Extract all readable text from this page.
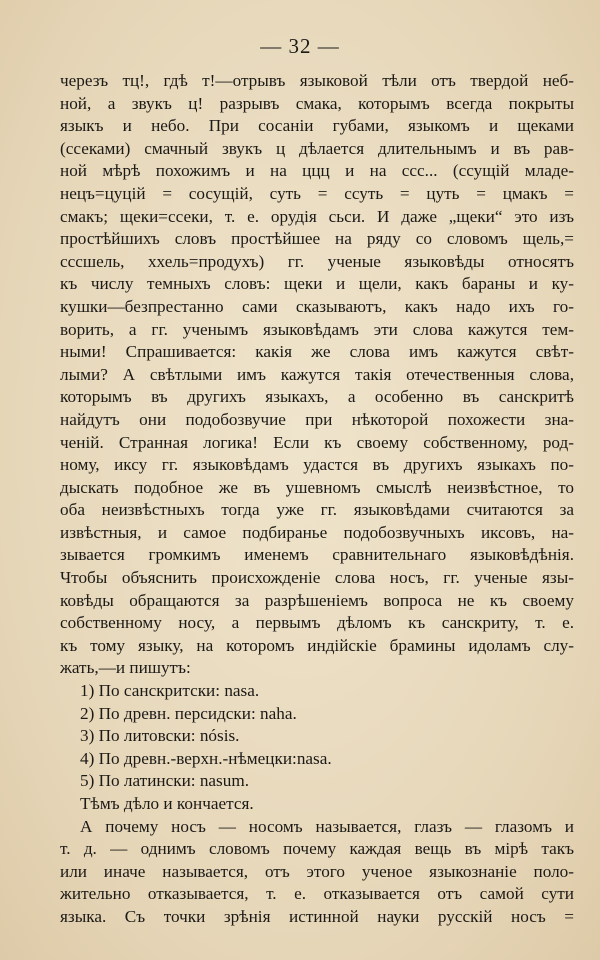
— 32 —
черезъ тц!, гдѣ т!—отрывъ языковой тѣли отъ твердой неб-
ной, а звукъ ц! разрывъ смака, которымъ всегда покрыты
языкъ и небо. При сосаніи губами, языкомъ и щеками
(ссеками) смачный звукъ ц дѣлается длительнымъ и въ рав-
ной мѣрѣ похожимъ и на ццц и на ссс... (ссущій младе-
нецъ=цуцій = сосущій, суть = ссуть = цуть = цмакъ =
смакъ; щеки=ссеки, т. е. орудія сьси. И даже „щеки“ это изъ
простѣйшихъ словъ простѣйшее на ряду со словомъ щель,=
сссшель, ххель=продухъ) гг. ученые языковѣды относятъ
къ числу темныхъ словъ: щеки и щели, какъ бараны и ку-
кушки—безпрестанно сами сказываютъ, какъ надо ихъ го-
ворить, а гг. ученымъ языковѣдамъ эти слова кажутся тем-
ными! Спрашивается: какія же слова имъ кажутся свѣт-
лыми? А свѣтлыми имъ кажутся такія отечественныя слова,
которымъ въ другихъ языкахъ, а особенно въ санскритѣ
найдутъ они подобозвучие при нѣкоторой похожести зна-
ченій. Странная логика! Если къ своему собственному, род-
ному, иксу гг. языковѣдамъ удастся въ другихъ языкахъ по-
дыскать подобное же въ ушевномъ смыслѣ неизвѣстное, то
оба неизвѣстныхъ тогда уже гг. языковѣдами считаются за
извѣстныя, и самое подбиранье подобозвучныхъ иксовъ, на-
зывается громкимъ именемъ сравнительнаго языковѣдѣнія.
Чтобы объяснить происхожденіе слова носъ, гг. ученые язы-
ковѣды обращаются за разрѣшеніемъ вопроса не къ своему
собственному носу, а первымъ дѣломъ къ санскриту, т. е.
къ тому языку, на которомъ индійскіе брамины идоламъ слу-
жать,—и пишутъ:
1) По санскритски: nasa.
2) По древн. персидски: naha.
3) По литовски: nósis.
4) По древн.-верхн.-нѣмецки:nasa.
5) По латински: nasum.
Тѣмъ дѣло и кончается.
А почему носъ — носомъ называется, глазъ — глазомъ и
т. д. — однимъ словомъ почему каждая вещь въ мірѣ такъ
или иначе называется, отъ этого ученое языкознаніе поло-
жительно отказывается, т. е. отказывается отъ самой сути
языка. Съ точки зрѣнія истинной науки русскій носъ =
